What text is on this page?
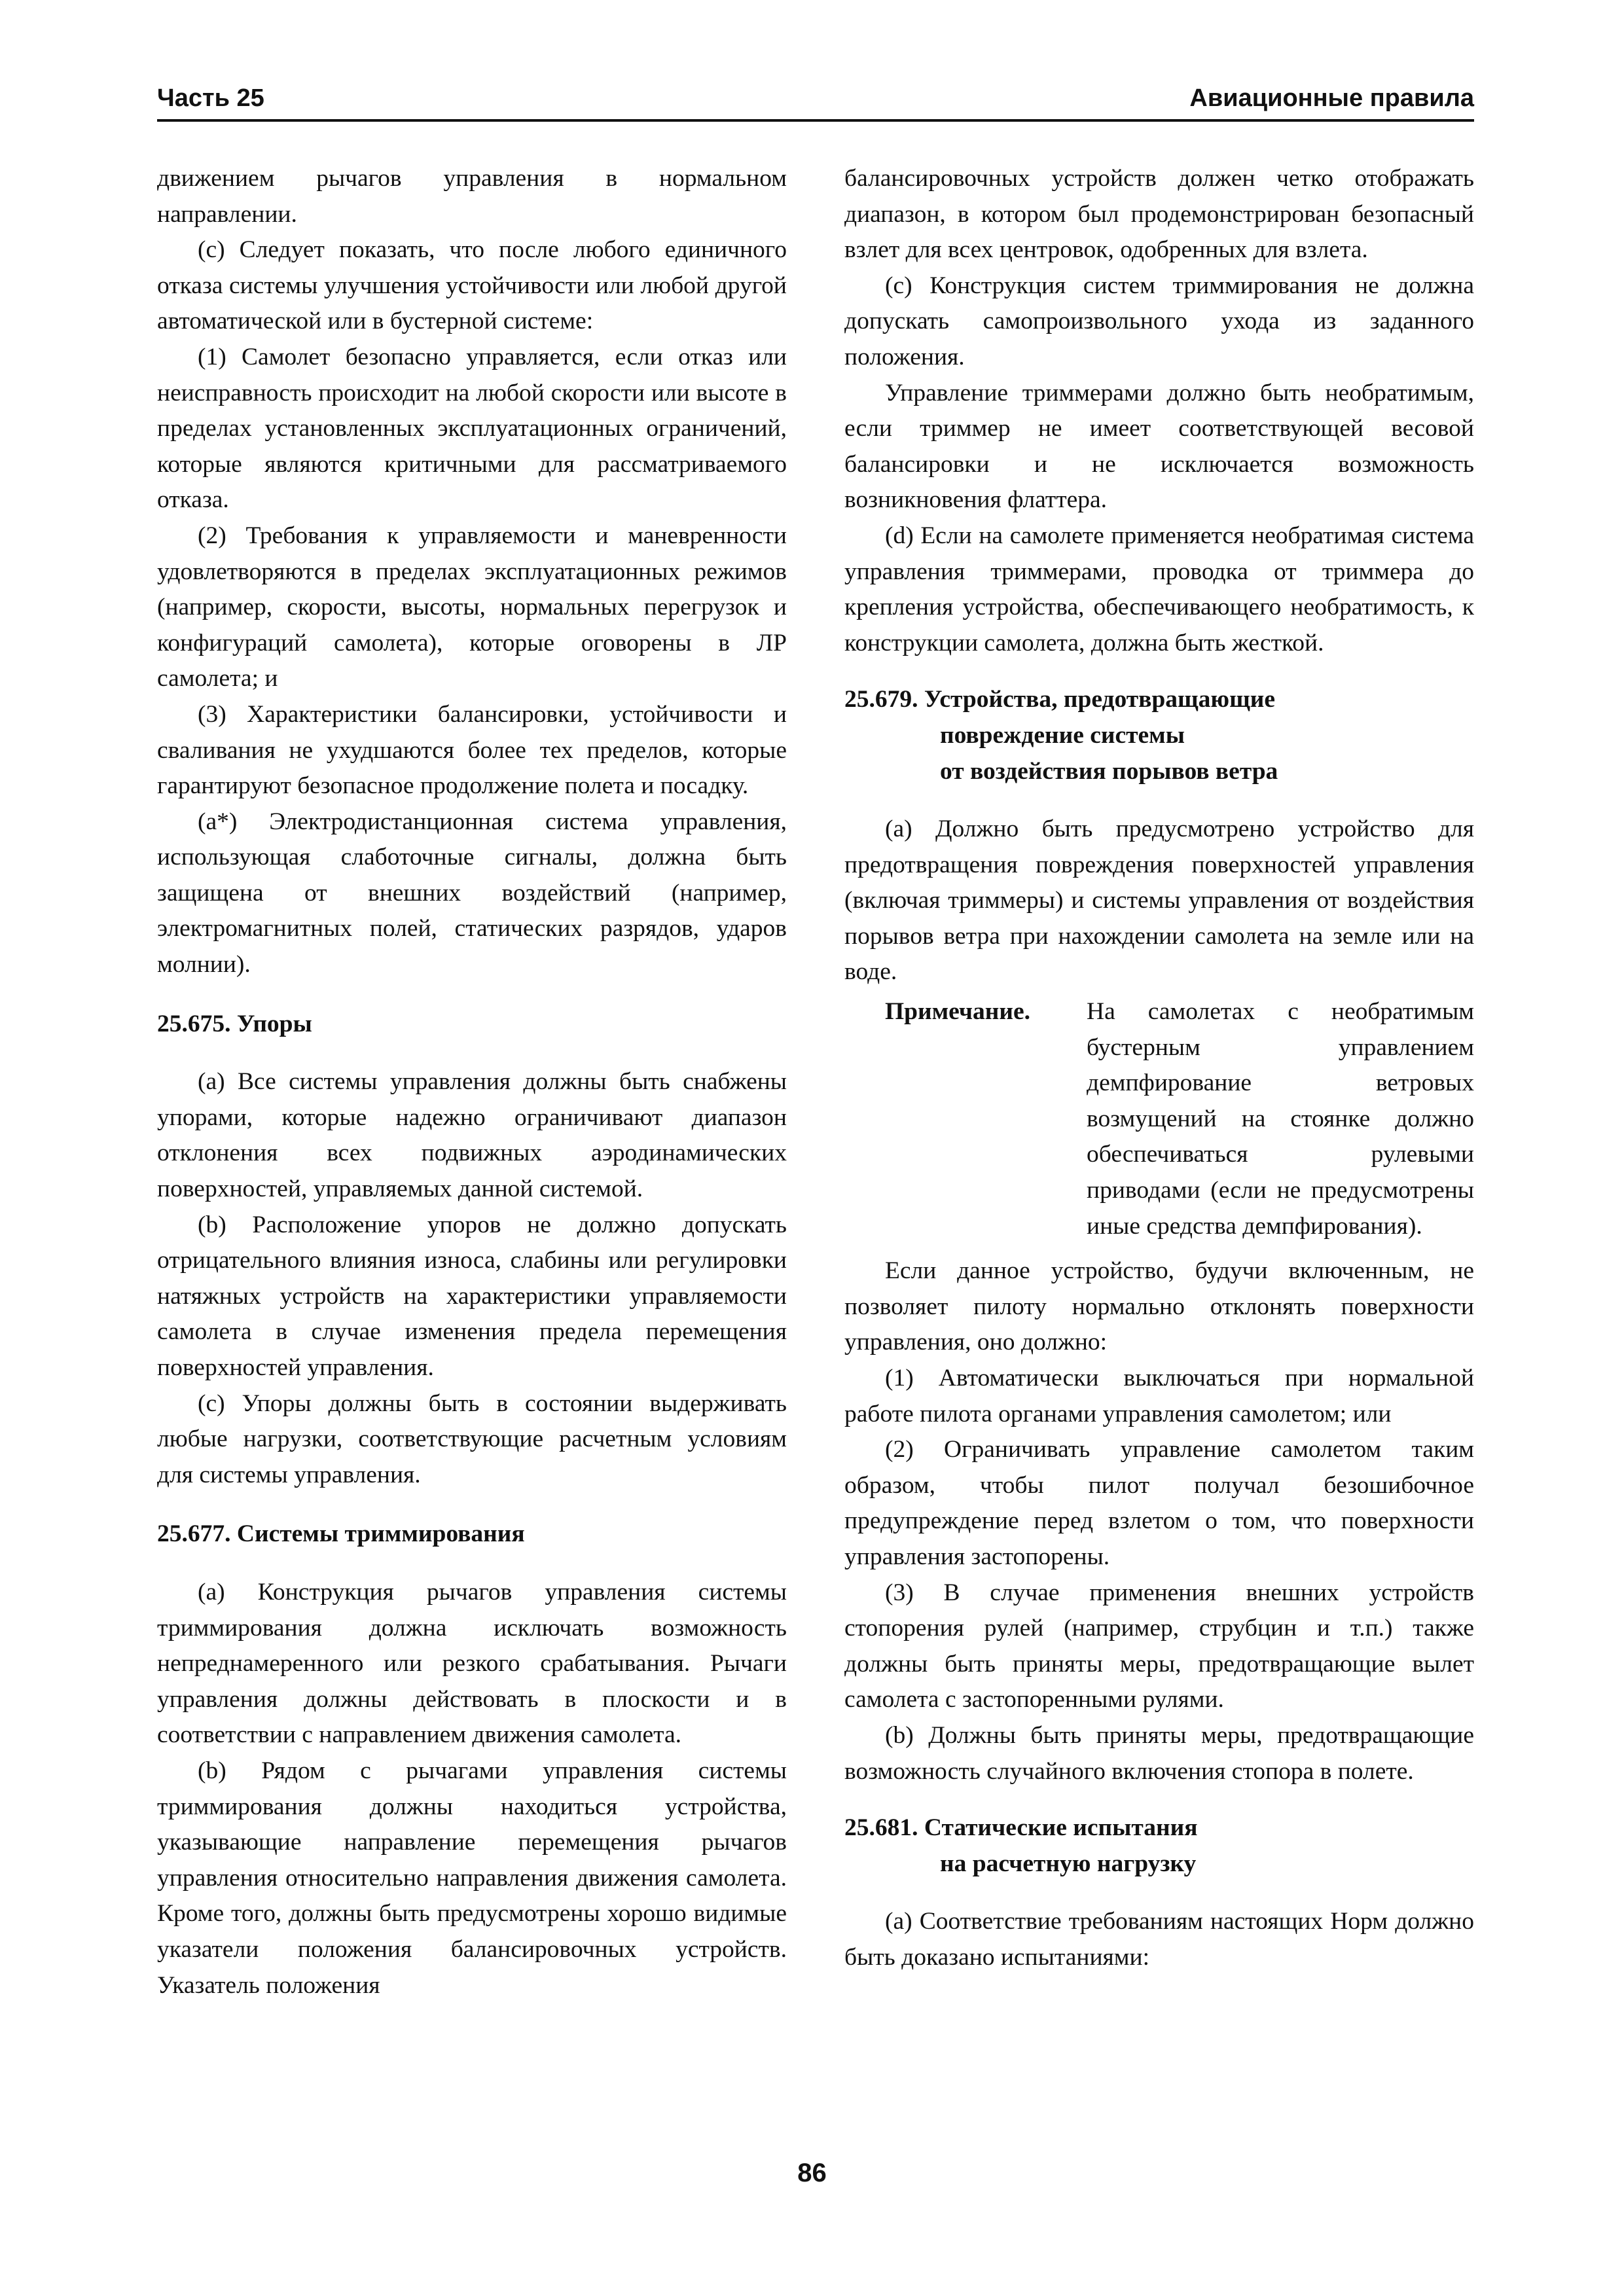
Часть 25	Авиационные правила

движением рычагов управления в нормальном направлении.

(с) Следует показать, что после любого единичного отказа системы улучшения устойчивости или любой другой автоматической или в бустерной системе:

(1) Самолет безопасно управляется, если отказ или неисправность происходит на любой скорости или высоте в пределах установленных эксплуатационных ограничений, которые являются критичными для рассматриваемого отказа.

(2) Требования к управляемости и маневренности удовлетворяются в пределах эксплуатационных режимов (например, скорости, высоты, нормальных перегрузок и конфигураций самолета), которые оговорены в ЛР самолета; и

(3) Характеристики балансировки, устойчивости и сваливания не ухудшаются более тех пределов, которые гарантируют безопасное продолжение полета и посадку.

(а*) Электродистанционная система управления, использующая слаботочные сигналы, должна быть защищена от внешних воздействий (например, электромагнитных полей, статических разрядов, ударов молнии).

25.675. Упоры

(a) Все системы управления должны быть снабжены упорами, которые надежно ограничивают диапазон отклонения всех подвижных аэродинамических поверхностей, управляемых данной системой.

(b) Расположение упоров не должно допускать отрицательного влияния износа, слабины или регулировки натяжных устройств на характеристики управляемости самолета в случае изменения предела перемещения поверхностей управления.

(с) Упоры должны быть в состоянии выдерживать любые нагрузки, соответствующие расчетным условиям для системы управления.

25.677. Системы триммирования

(a) Конструкция рычагов управления системы триммирования должна исключать возможность непреднамеренного или резкого срабатывания. Рычаги управления должны действовать в плоскости и в соответствии с направлением движения самолета.

(b) Рядом с рычагами управления системы триммирования должны находиться устройства, указывающие направление перемещения рычагов управления относительно направления движения самолета. Кроме того, должны быть предусмотрены хорошо видимые указатели положения балансировочных устройств. Указатель положения

балансировочных устройств должен четко отображать диапазон, в котором был продемонстрирован безопасный взлет для всех центровок, одобренных для взлета.

(с) Конструкция систем триммирования не должна допускать самопроизвольного ухода из заданного положения.

Управление триммерами должно быть необратимым, если триммер не имеет соответствующей весовой балансировки и не исключается возможность возникновения флаттера.

(d) Если на самолете применяется необратимая система управления триммерами, проводка от триммера до крепления устройства, обеспечивающего необратимость, к конструкции самолета, должна быть жесткой.

25.679. Устройства, предотвращающие
повреждение системы
от воздействия порывов ветра

(a) Должно быть предусмотрено устройство для предотвращения повреждения поверхностей управления (включая триммеры) и системы управления от воздействия порывов ветра при нахождении самолета на земле или на воде.

Примечание.	На самолетах с необратимым бустерным управлением демпфирование ветровых возмущений на стоянке должно обеспечиваться рулевыми приводами (если не предусмотрены иные средства демпфирования).

Если данное устройство, будучи включенным, не позволяет пилоту нормально отклонять поверхности управления, оно должно:

(1) Автоматически выключаться при нормальной работе пилота органами управления самолетом; или

(2) Ограничивать управление самолетом таким образом, чтобы пилот получал безошибочное предупреждение перед взлетом о том, что поверхности управления застопорены.

(3) В случае применения внешних устройств стопорения рулей (например, струбцин и т.п.) также должны быть приняты меры, предотвращающие вылет самолета с застопоренными рулями.

(b) Должны быть приняты меры, предотвращающие возможность случайного включения стопора в полете.

25.681. Статические испытания
на расчетную нагрузку

(a) Соответствие требованиям настоящих Норм должно быть доказано испытаниями:

86
